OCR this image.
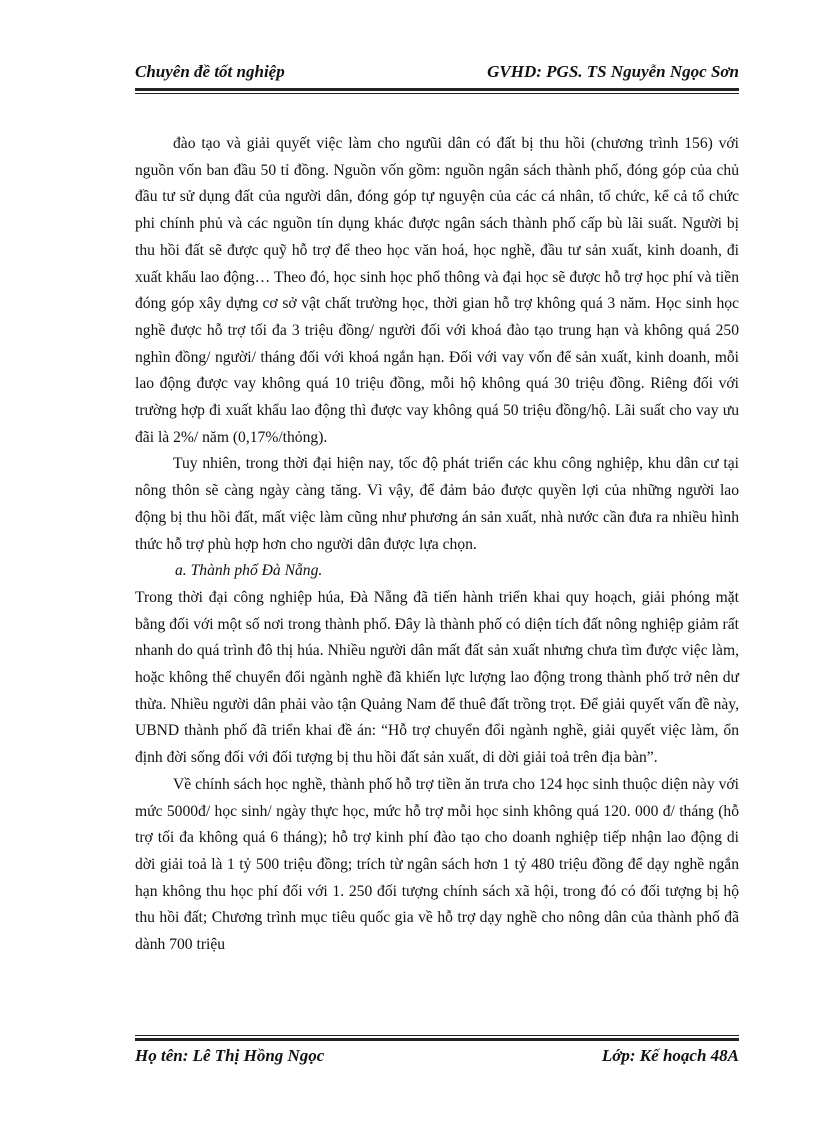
Chuyên đề tốt nghiệp	GVHD: PGS. TS Nguyễn Ngọc Sơn

đào tạo và giải quyết việc làm cho ngưũi dân có đất bị thu hồi (chương trình 156) với nguồn vốn ban đầu 50 tỉ đồng. Nguồn vốn gồm: nguồn ngân sách thành phố, đóng góp của chủ đầu tư sử dụng đất của người dân, đóng góp tự nguyện của các cá nhân, tổ chức, kể cả tổ chức phi chính phủ và các nguồn tín dụng khác được ngân sách thành phố cấp bù lãi suất. Người bị thu hồi đất sẽ được quỹ hỗ trợ để theo học văn hoá, học nghề, đầu tư sản xuất, kinh doanh, đi xuất khẩu lao động… Theo đó, học sinh học phổ thông và đại học sẽ được hỗ trợ học phí và tiền đóng góp xây dựng cơ sở vật chất trường học, thời gian hỗ trợ không quá 3 năm. Học sinh học nghề được hỗ trợ tối đa 3 triệu đồng/ người đối với khoá đào tạo trung hạn và không quá 250 nghìn đồng/ người/ tháng đối với khoá ngắn hạn. Đối với vay vốn để sản xuất, kinh doanh, mỗi lao động được vay không quá 10 triệu đồng, mỗi hộ không quá 30 triệu đồng. Riêng đối với trường hợp đi xuất khẩu lao động thì được vay không quá 50 triệu đồng/hộ. Lãi suất cho vay ưu đãi là 2%/ năm (0,17%/thỏng).

Tuy nhiên, trong thời đại hiện nay, tốc độ phát triển các khu công nghiệp, khu dân cư tại nông thôn sẽ càng ngày càng tăng. Vì vậy, để đảm bảo được quyền lợi của những người lao động bị thu hồi đất, mất việc làm cũng như phương án sản xuất, nhà nước cần đưa ra nhiều hình thức hỗ trợ phù hợp hơn cho người dân được lựa chọn.

a. Thành phố Đà Nẵng.

Trong thời đại công nghiệp húa, Đà Nẵng đã tiến hành triển khai quy hoạch, giải phóng mặt bằng đối với một số nơi trong thành phố. Đây là thành phố có diện tích đất nông nghiệp giảm rất nhanh do quá trình đô thị húa. Nhiều người dân mất đất sản xuất nhưng chưa tìm được việc làm, hoặc không thể chuyển đổi ngành nghề đã khiến lực lượng lao động trong thành phố trở nên dư thừa. Nhiều người dân phải vào tận Quảng Nam để thuê đất trồng trọt. Để giải quyết vấn đề này, UBND thành phố đã triển khai đề án: “Hỗ trợ chuyển đổi ngành nghề, giải quyết việc làm, ổn định đời sống đối với đối tượng bị thu hồi đất sản xuất, di dời giải toả trên địa bàn”.

Về chính sách học nghề, thành phố hỗ trợ tiền ăn trưa cho 124 học sinh thuộc diện này với mức 5000đ/ học sinh/ ngày thực học, mức hỗ trợ mỗi học sinh không quá 120. 000 đ/ tháng (hỗ trợ tối đa không quá 6 tháng); hỗ trợ kinh phí đào tạo cho doanh nghiệp tiếp nhận lao động di dời giải toả là 1 tỷ 500 triệu đồng; trích từ ngân sách hơn 1 tỷ 480 triệu đồng để dạy nghề ngắn hạn không thu học phí đối với 1. 250 đối tượng chính sách xã hội, trong đó có đối tượng bị hộ thu hồi đất; Chương trình mục tiêu quốc gia về hỗ trợ dạy nghề cho nông dân của thành phố đã dành 700 triệu

Họ tên: Lê Thị Hồng Ngọc	Lớp: Kế hoạch 48A
